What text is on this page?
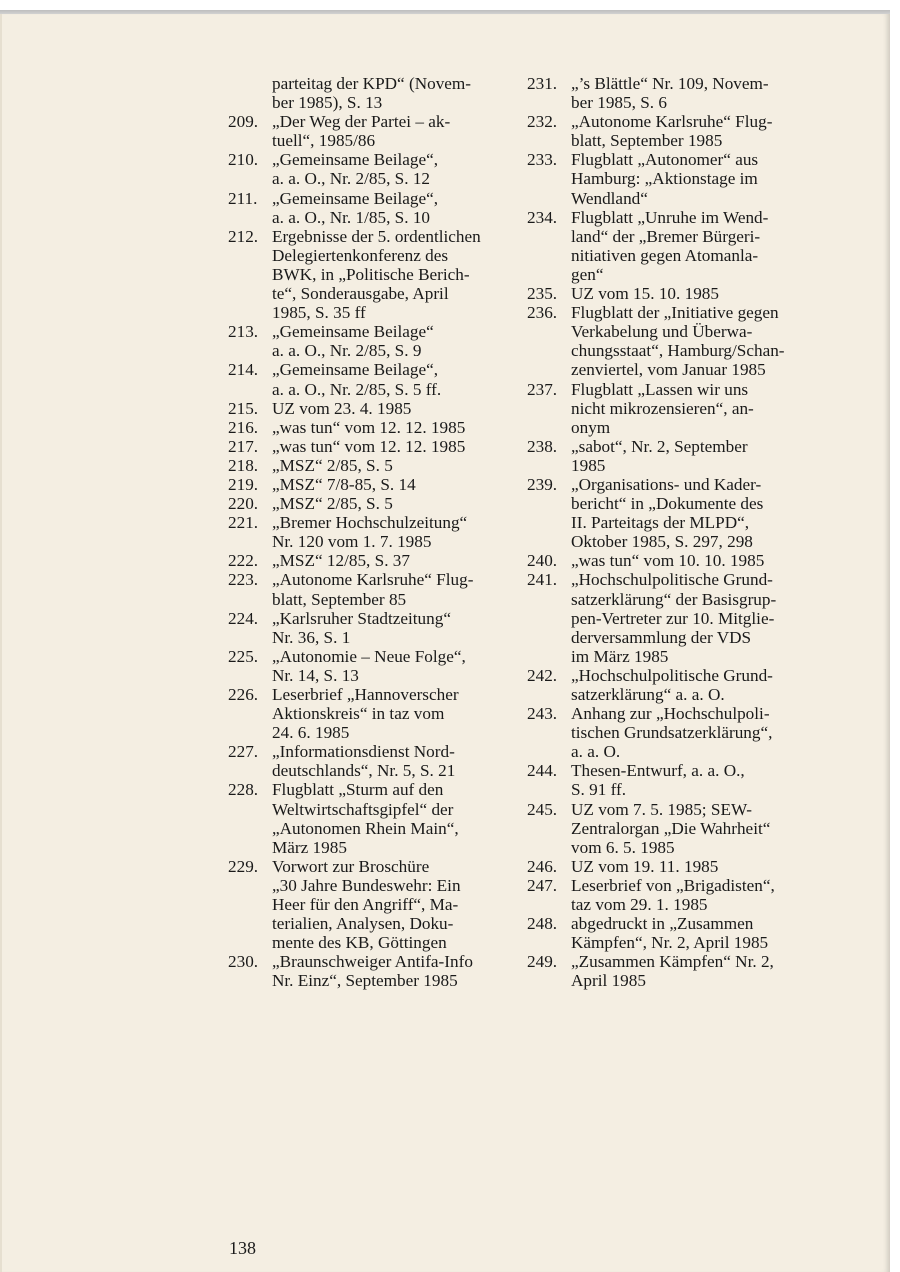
parteitag der KPD“ (Novem-
ber 1985), S. 13
209. „Der Weg der Partei – ak-
tuell“, 1985/86
210. „Gemeinsame Beilage“,
a. a. O., Nr. 2/85, S. 12
211. „Gemeinsame Beilage“,
a. a. O., Nr. 1/85, S. 10
212. Ergebnisse der 5. ordentlichen
Delegiertenkonferenz des
BWK, in „Politische Berich-
te“, Sonderausgabe, April
1985, S. 35 ff
213. „Gemeinsame Beilage“
a. a. O., Nr. 2/85, S. 9
214. „Gemeinsame Beilage“,
a. a. O., Nr. 2/85, S. 5 ff.
215. UZ vom 23. 4. 1985
216. „was tun“ vom 12. 12. 1985
217. „was tun“ vom 12. 12. 1985
218. „MSZ“ 2/85, S. 5
219. „MSZ“ 7/8-85, S. 14
220. „MSZ“ 2/85, S. 5
221. „Bremer Hochschulzeitung“
Nr. 120 vom 1. 7. 1985
222. „MSZ“ 12/85, S. 37
223. „Autonome Karlsruhe“ Flug-
blatt, September 85
224. „Karlsruher Stadtzeitung“
Nr. 36, S. 1
225. „Autonomie – Neue Folge“,
Nr. 14, S. 13
226. Leserbrief „Hannoverscher
Aktionskreis“ in taz vom
24. 6. 1985
227. „Informationsdienst Nord-
deutschlands“, Nr. 5, S. 21
228. Flugblatt „Sturm auf den
Weltwirtschaftsgipfel“ der
„Autonomen Rhein Main“,
März 1985
229. Vorwort zur Broschüre
„30 Jahre Bundeswehr: Ein
Heer für den Angriff“, Ma-
terialien, Analysen, Doku-
mente des KB, Göttingen
230. „Braunschweiger Antifa-Info
Nr. Einz“, September 1985
231. „’s Blättle“ Nr. 109, Novem-
ber 1985, S. 6
232. „Autonome Karlsruhe“ Flug-
blatt, September 1985
233. Flugblatt „Autonomer“ aus
Hamburg: „Aktionstage im
Wendland“
234. Flugblatt „Unruhe im Wend-
land“ der „Bremer Bürgeri-
nitiativen gegen Atomanla-
gen“
235. UZ vom 15. 10. 1985
236. Flugblatt der „Initiative gegen
Verkabelung und Überwa-
chungsstaat“, Hamburg/Schan-
zenviertel, vom Januar 1985
237. Flugblatt „Lassen wir uns
nicht mikrozensieren“, an-
onym
238. „sabot“, Nr. 2, September
1985
239. „Organisations- und Kader-
bericht“ in „Dokumente des
II. Parteitags der MLPD“,
Oktober 1985, S. 297, 298
240. „was tun“ vom 10. 10. 1985
241. „Hochschulpolitische Grund-
satzerklärung“ der Basisgrup-
pen-Vertreter zur 10. Mitglie-
derversammlung der VDS
im März 1985
242. „Hochschulpolitische Grund-
satzerklärung“ a. a. O.
243. Anhang zur „Hochschulpoli-
tischen Grundsatzerklärung“,
a. a. O.
244. Thesen-Entwurf, a. a. O.,
S. 91 ff.
245. UZ vom 7. 5. 1985; SEW-
Zentralorgan „Die Wahrheit“
vom 6. 5. 1985
246. UZ vom 19. 11. 1985
247. Leserbrief von „Brigadisten“,
taz vom 29. 1. 1985
248. abgedruckt in „Zusammen
Kämpfen“, Nr. 2, April 1985
249. „Zusammen Kämpfen“ Nr. 2,
April 1985
138
